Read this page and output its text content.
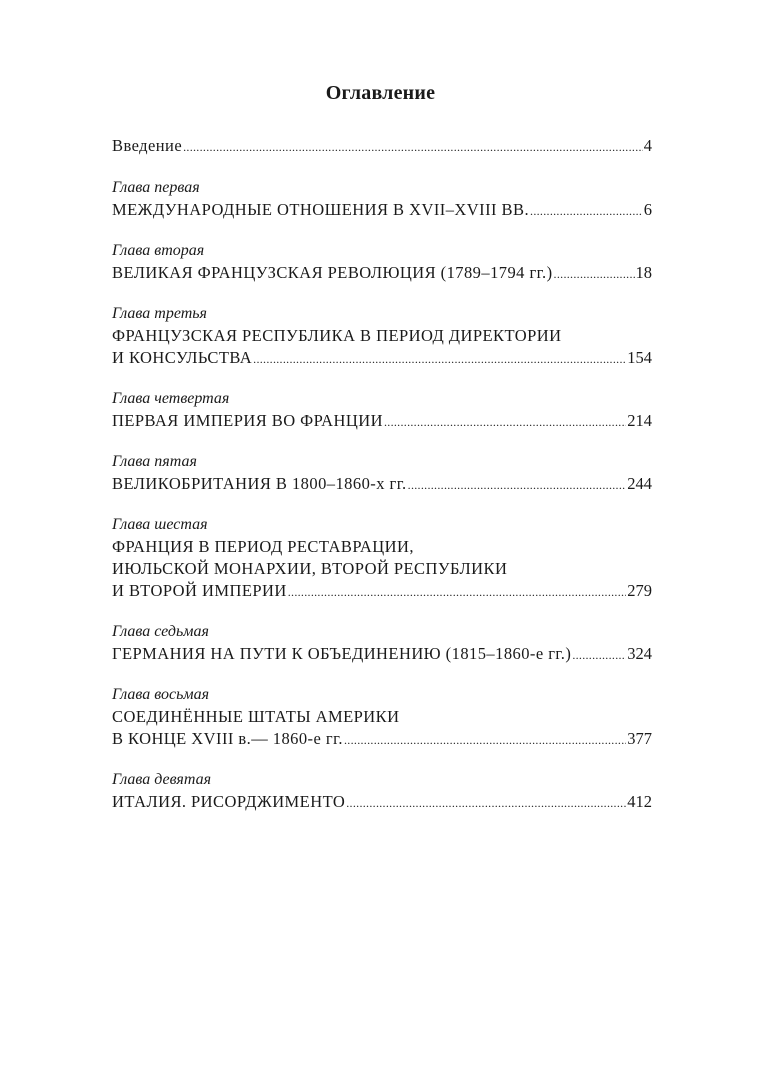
Оглавление
Введение .....	4
Глава первая
МЕЖДУНАРОДНЫЕ ОТНОШЕНИЯ В XVII–XVIII ВВ. .....	6
Глава вторая
ВЕЛИКАЯ ФРАНЦУЗСКАЯ РЕВОЛЮЦИЯ (1789–1794 гг.) .....	18
Глава третья
ФРАНЦУЗСКАЯ РЕСПУБЛИКА В ПЕРИОД ДИРЕКТОРИИ
И КОНСУЛЬСТВА .....	154
Глава четвертая
ПЕРВАЯ ИМПЕРИЯ ВО ФРАНЦИИ .....	214
Глава пятая
ВЕЛИКОБРИТАНИЯ В 1800–1860-х гг. .....	244
Глава шестая
ФРАНЦИЯ В ПЕРИОД РЕСТАВРАЦИИ,
ИЮЛЬСКОЙ МОНАРХИИ, ВТОРОЙ РЕСПУБЛИКИ
И ВТОРОЙ ИМПЕРИИ .....	279
Глава седьмая
ГЕРМАНИЯ НА ПУТИ К ОБЪЕДИНЕНИЮ (1815–1860-е гг.) .....	324
Глава восьмая
СОЕДИНЁННЫЕ ШТАТЫ АМЕРИКИ
В КОНЦЕ XVIII в.— 1860-е гг. .....	377
Глава девятая
ИТАЛИЯ. РИСОРДЖИМЕНТО .....	412
